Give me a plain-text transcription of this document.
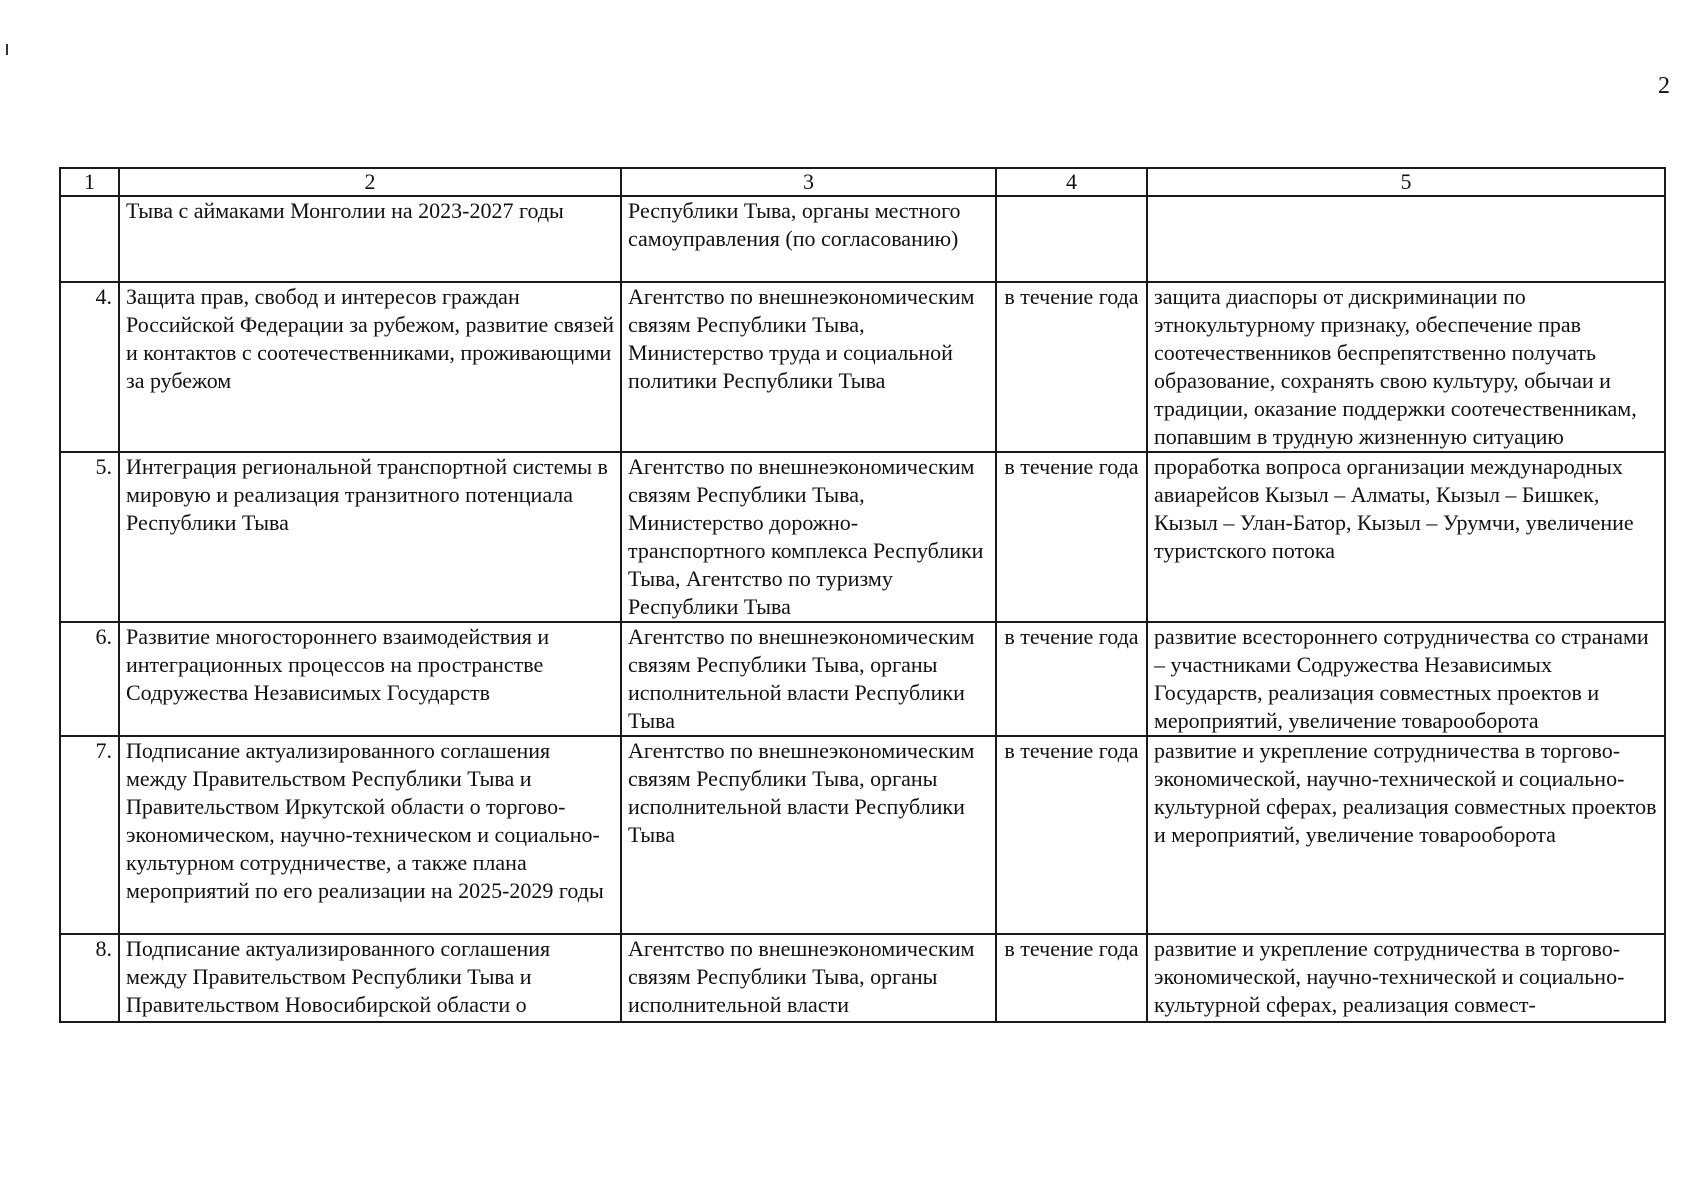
2
1	2	3	4	5
	Тыва с аймаками Монголии на 2023-2027 годы	Республики Тыва, органы местного самоуправления (по согласованию)		
4.	Защита прав, свобод и интересов граждан Российской Федерации за рубежом, развитие связей и контактов с соотечественниками, проживающими за рубежом	Агентство по внешнеэкономическим связям Республики Тыва, Министерство труда и социальной политики Республики Тыва	в течение года	защита диаспоры от дискриминации по этнокультурному признаку, обеспечение прав соотечественников беспрепятственно получать образование, сохранять свою культуру, обычаи и традиции, оказание поддержки соотечественникам, попавшим в трудную жизненную ситуацию
5.	Интеграция региональной транспортной системы в мировую и реализация транзитного потенциала Республики Тыва	Агентство по внешнеэкономическим связям Республики Тыва, Министерство дорожно-транспортного комплекса Республики Тыва, Агентство по туризму Республики Тыва	в течение года	проработка вопроса организации международных авиарейсов Кызыл – Алматы, Кызыл – Бишкек, Кызыл – Улан-Батор, Кызыл – Урумчи, увеличение туристского потока
6.	Развитие многостороннего взаимодействия и интеграционных процессов на пространстве Содружества Независимых Государств	Агентство по внешнеэкономическим связям Республики Тыва, органы исполнительной власти Республики Тыва	в течение года	развитие всестороннего сотрудничества со странами – участниками Содружества Независимых Государств, реализация совместных проектов и мероприятий, увеличение товарооборота
7.	Подписание актуализированного соглашения между Правительством Республики Тыва и Правительством Иркутской области о торгово-экономическом, научно-техническом и социально-культурном сотрудничестве, а также плана мероприятий по его реализации на 2025-2029 годы	Агентство по внешнеэкономическим связям Республики Тыва, органы исполнительной власти Республики Тыва	в течение года	развитие и укрепление сотрудничества в торгово-экономической, научно-технической и социально-культурной сферах, реализация совместных проектов и мероприятий, увеличение товарооборота

8.	Подписание актуализированного соглашения между Правительством Республики Тыва и Правительством Новосибирской области о	Агентство по внешнеэкономическим связям Республики Тыва, органы исполнительной власти	в течение года	развитие и укрепление сотрудничества в торгово-экономической, научно-технической и социально-культурной сферах, реализация совмест-
